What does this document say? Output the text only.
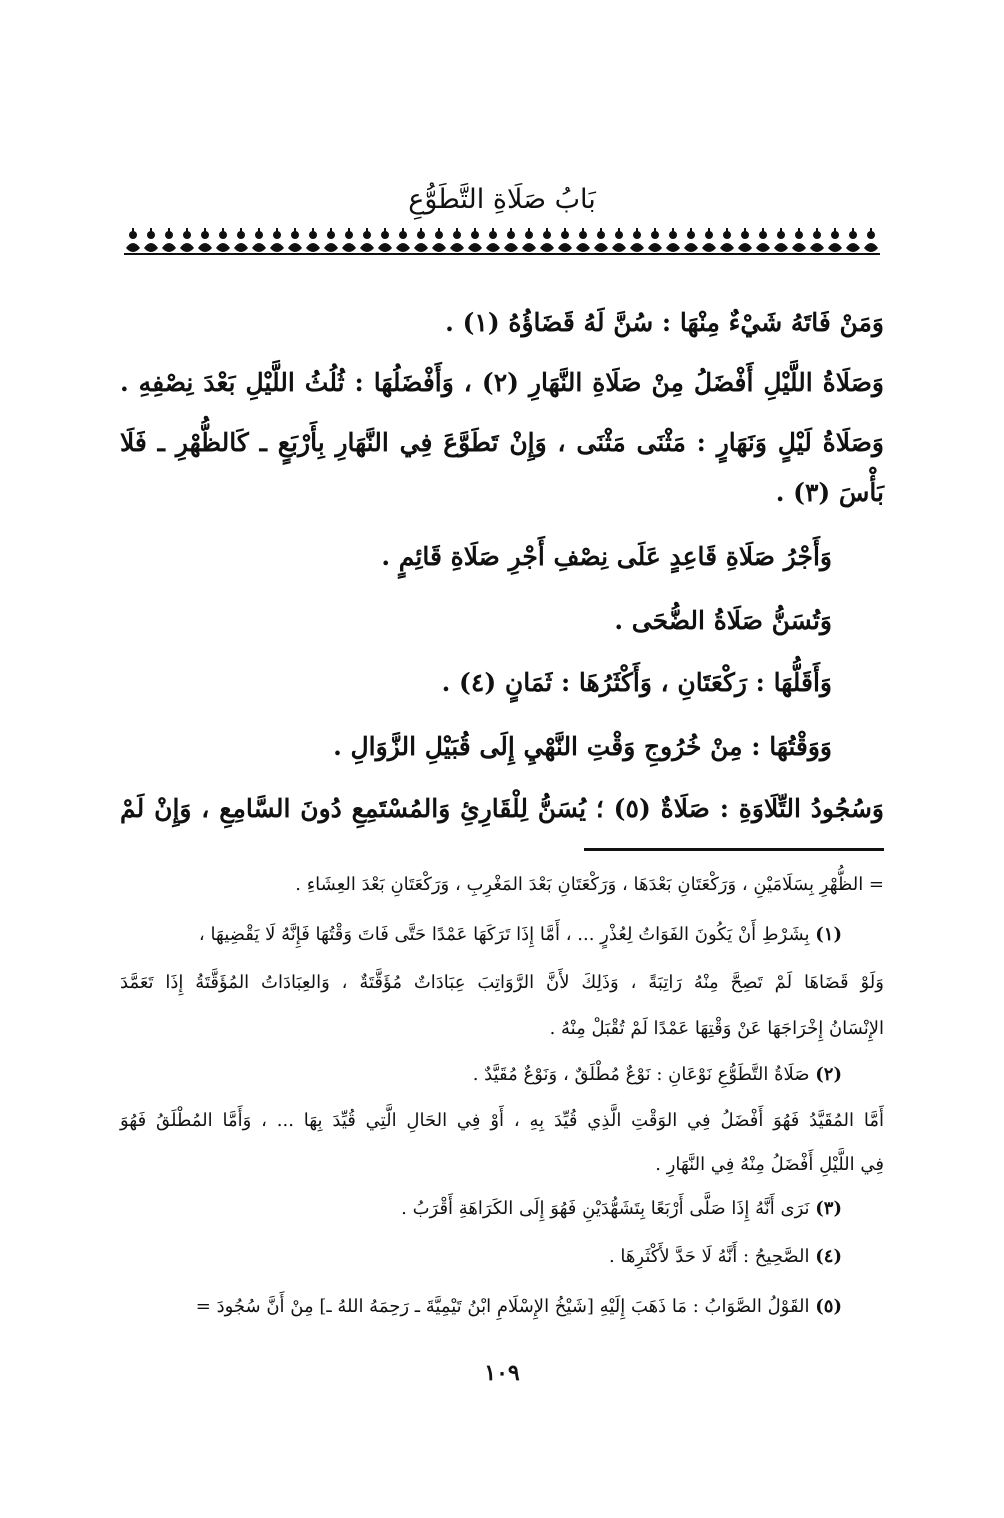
بَابُ صَلَاةِ التَّطَوُّعِ
وَمَنْ فَاتَهُ شَيْءٌ مِنْهَا : سُنَّ لَهُ قَضَاؤُهُ (١) .
وَصَلَاةُ اللَّيْلِ أَفْضَلُ مِنْ صَلَاةِ النَّهَارِ (٢) ، وَأَفْضَلُهَا : ثُلُثُ اللَّيْلِ بَعْدَ نِصْفِهِ .
وَصَلَاةُ لَيْلٍ وَنَهَارٍ : مَثْنَى مَثْنَى ، وَإِنْ تَطَوَّعَ فِي النَّهَارِ بِأَرْبَعٍ ـ كَالظُّهْرِ ـ فَلَا
بَأْسَ (٣) .
وَأَجْرُ صَلَاةِ قَاعِدٍ عَلَى نِصْفِ أَجْرِ صَلَاةِ قَائِمٍ .
وَتُسَنُّ صَلَاةُ الضُّحَى .
وَأَقَلُّهَا : رَكْعَتَانِ ، وَأَكْثَرُهَا : ثَمَانٍ (٤) .
وَوَقْتُهَا : مِنْ خُرُوجِ وَقْتِ النَّهْيِ إِلَى قُبَيْلِ الزَّوَالِ .
وَسُجُودُ التِّلَاوَةِ : صَلَاةٌ (٥) ؛ يُسَنُّ لِلْقَارِئِ وَالمُسْتَمِعِ دُونَ السَّامِعِ ، وَإِنْ لَمْ
= الظُّهْرِ بِسَلَامَيْنِ ، وَرَكْعَتَانِ بَعْدَهَا ، وَرَكْعَتَانِ بَعْدَ المَغْرِبِ ، وَرَكْعَتَانِ بَعْدَ العِشَاءِ .
(١) بِشَرْطِ أَنْ يَكُونَ الفَوَاتُ لِعُذْرٍ ... ، أَمَّا إِذَا تَرَكَهَا عَمْدًا حَتَّى فَاتَ وَقْتُهَا فَإِنَّهُ لَا يَقْضِيهَا ،
وَلَوْ قَضَاهَا لَمْ تَصِحَّ مِنْهُ رَاتِبَةً ، وَذَلِكَ لأَنَّ الرَّوَاتِبَ عِبَادَاتٌ مُؤَقَّتَةٌ ، وَالعِبَادَاتُ المُؤَقَّتَةُ إِذَا تَعَمَّدَ
الإِنْسَانُ إِخْرَاجَهَا عَنْ وَقْتِهَا عَمْدًا لَمْ تُقْبَلْ مِنْهُ .
(٢) صَلَاةُ التَّطَوُّعِ نَوْعَانِ : نَوْعٌ مُطْلَقٌ ، وَنَوْعٌ مُقَيَّدٌ .
أَمَّا المُقَيَّدُ فَهُوَ أَفْضَلُ فِي الوَقْتِ الَّذِي قُيِّدَ بِهِ ، أَوْ فِي الحَالِ الَّتِي قُيِّدَ بِهَا ... ، وَأَمَّا المُطْلَقُ فَهُوَ
فِي اللَّيْلِ أَفْضَلُ مِنْهُ فِي النَّهَارِ .
(٣) نَرَى أَنَّهُ إِذَا صَلَّى أَرْبَعًا بِتَشَهُّدَيْنِ فَهُوَ إِلَى الكَرَاهَةِ أَقْرَبُ .
(٤) الصَّحِيحُ : أَنَّهُ لَا حَدَّ لأَكْثَرِهَا .
(٥) القَوْلُ الصَّوَابُ : مَا ذَهَبَ إِلَيْهِ [شَيْخُ الإِسْلَامِ ابْنُ تَيْمِيَّةَ ـ رَحِمَهُ اللهُ ـ] مِنْ أَنَّ سُجُودَ =
١٠٩
